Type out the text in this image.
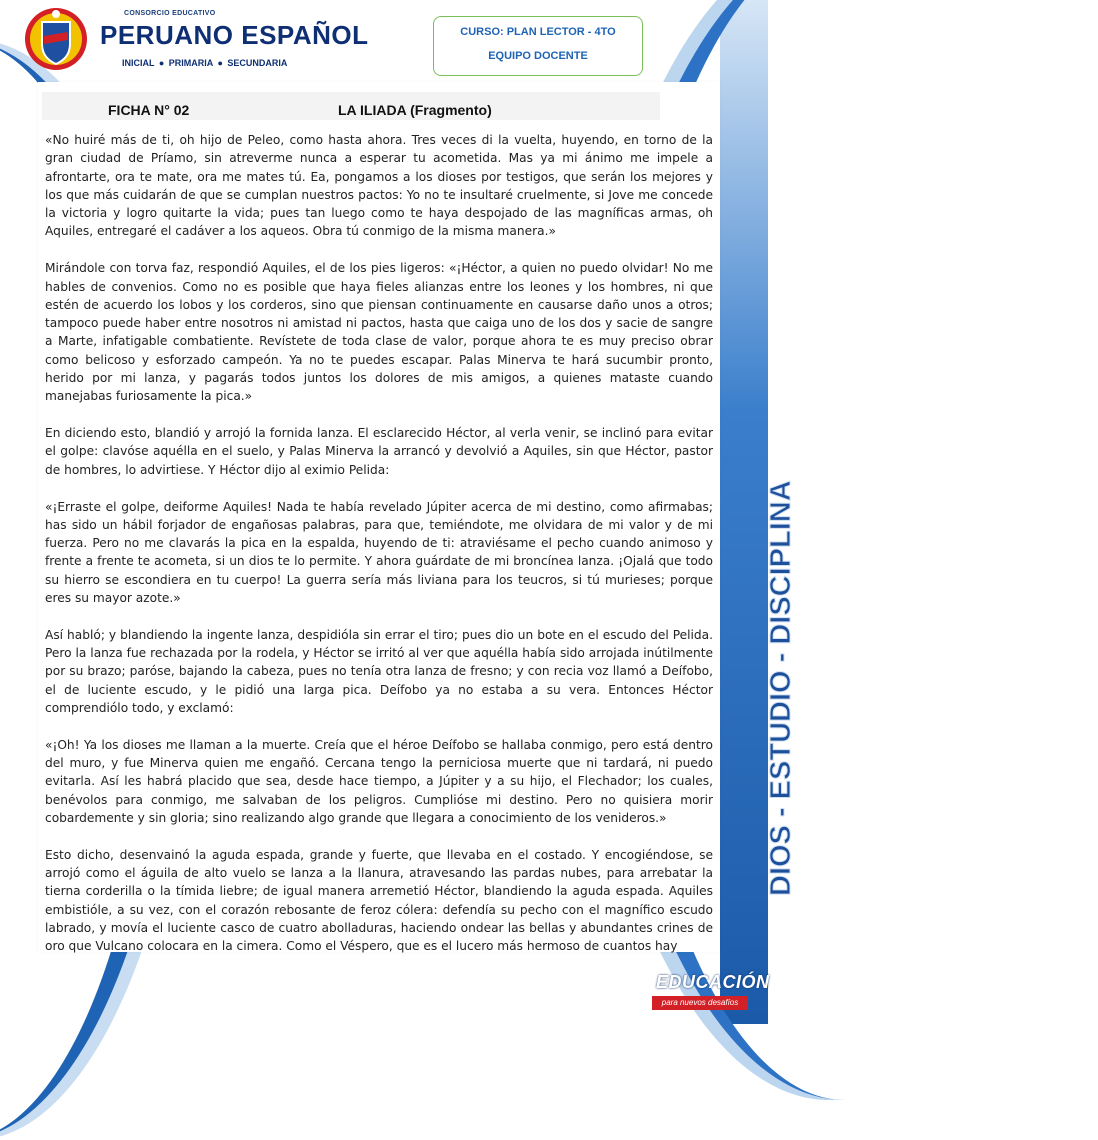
CONSORCIO EDUCATIVO
PERUANO ESPAÑOL
INICIAL ● PRIMARIA ● SECUNDARIA
CURSO: PLAN LECTOR - 4TO
EQUIPO DOCENTE
FICHA N° 02	LA ILIADA (Fragmento)

«No huiré más de ti, oh hijo de Peleo, como hasta ahora. Tres veces di la vuelta, huyendo, en torno de la gran ciudad de Príamo, sin atreverme nunca a esperar tu acometida. Mas ya mi ánimo me impele a afrontarte, ora te mate, ora me mates tú. Ea, pongamos a los dioses por testigos, que serán los mejores y los que más cuidarán de que se cumplan nuestros pactos: Yo no te insultaré cruelmente, si Jove me concede la victoria y logro quitarte la vida; pues tan luego como te haya despojado de las magníficas armas, oh Aquiles, entregaré el cadáver a los aqueos. Obra tú conmigo de la misma manera.»

Mirándole con torva faz, respondió Aquiles, el de los pies ligeros: «¡Héctor, a quien no puedo olvidar! No me hables de convenios. Como no es posible que haya fieles alianzas entre los leones y los hombres, ni que estén de acuerdo los lobos y los corderos, sino que piensan continuamente en causarse daño unos a otros; tampoco puede haber entre nosotros ni amistad ni pactos, hasta que caiga uno de los dos y sacie de sangre a Marte, infatigable combatiente. Revístete de toda clase de valor, porque ahora te es muy preciso obrar como belicoso y esforzado campeón. Ya no te puedes escapar. Palas Minerva te hará sucumbir pronto, herido por mi lanza, y pagarás todos juntos los dolores de mis amigos, a quienes mataste cuando manejabas furiosamente la pica.»

En diciendo esto, blandió y arrojó la fornida lanza. El esclarecido Héctor, al verla venir, se inclinó para evitar el golpe: clavóse aquélla en el suelo, y Palas Minerva la arrancó y devolvió a Aquiles, sin que Héctor, pastor de hombres, lo advirtiese. Y Héctor dijo al eximio Pelida:

«¡Erraste el golpe, deiforme Aquiles! Nada te había revelado Júpiter acerca de mi destino, como afirmabas; has sido un hábil forjador de engañosas palabras, para que, temiéndote, me olvidara de mi valor y de mi fuerza. Pero no me clavarás la pica en la espalda, huyendo de ti: atraviésame el pecho cuando animoso y frente a frente te acometa, si un dios te lo permite. Y ahora guárdate de mi broncínea lanza. ¡Ojalá que todo su hierro se escondiera en tu cuerpo! La guerra sería más liviana para los teucros, si tú murieses; porque eres su mayor azote.»

Así habló; y blandiendo la ingente lanza, despidióla sin errar el tiro; pues dio un bote en el escudo del Pelida. Pero la lanza fue rechazada por la rodela, y Héctor se irritó al ver que aquélla había sido arrojada inútilmente por su brazo; paróse, bajando la cabeza, pues no tenía otra lanza de fresno; y con recia voz llamó a Deífobo, el de luciente escudo, y le pidió una larga pica. Deífobo ya no estaba a su vera. Entonces Héctor comprendiólo todo, y exclamó:

«¡Oh! Ya los dioses me llaman a la muerte. Creía que el héroe Deífobo se hallaba conmigo, pero está dentro del muro, y fue Minerva quien me engañó. Cercana tengo la perniciosa muerte que ni tardará, ni puedo evitarla. Así les habrá placido que sea, desde hace tiempo, a Júpiter y a su hijo, el Flechador; los cuales, benévolos para conmigo, me salvaban de los peligros. Cumplióse mi destino. Pero no quisiera morir cobardemente y sin gloria; sino realizando algo grande que llegara a conocimiento de los venideros.»

Esto dicho, desenvainó la aguda espada, grande y fuerte, que llevaba en el costado. Y encogiéndose, se arrojó como el águila de alto vuelo se lanza a la llanura, atravesando las pardas nubes, para arrebatar la tierna corderilla o la tímida liebre; de igual manera arremetió Héctor, blandiendo la aguda espada. Aquiles embistióle, a su vez, con el corazón rebosante de feroz cólera: defendía su pecho con el magnífico escudo labrado, y movía el luciente casco de cuatro abolladuras, haciendo ondear las bellas y abundantes crines de oro que Vulcano colocara en la cimera. Como el Véspero, que es el lucero más hermoso de cuantos hay

DIOS - ESTUDIO - DISCIPLINA
EDUCACIÓN
para nuevos desafíos
